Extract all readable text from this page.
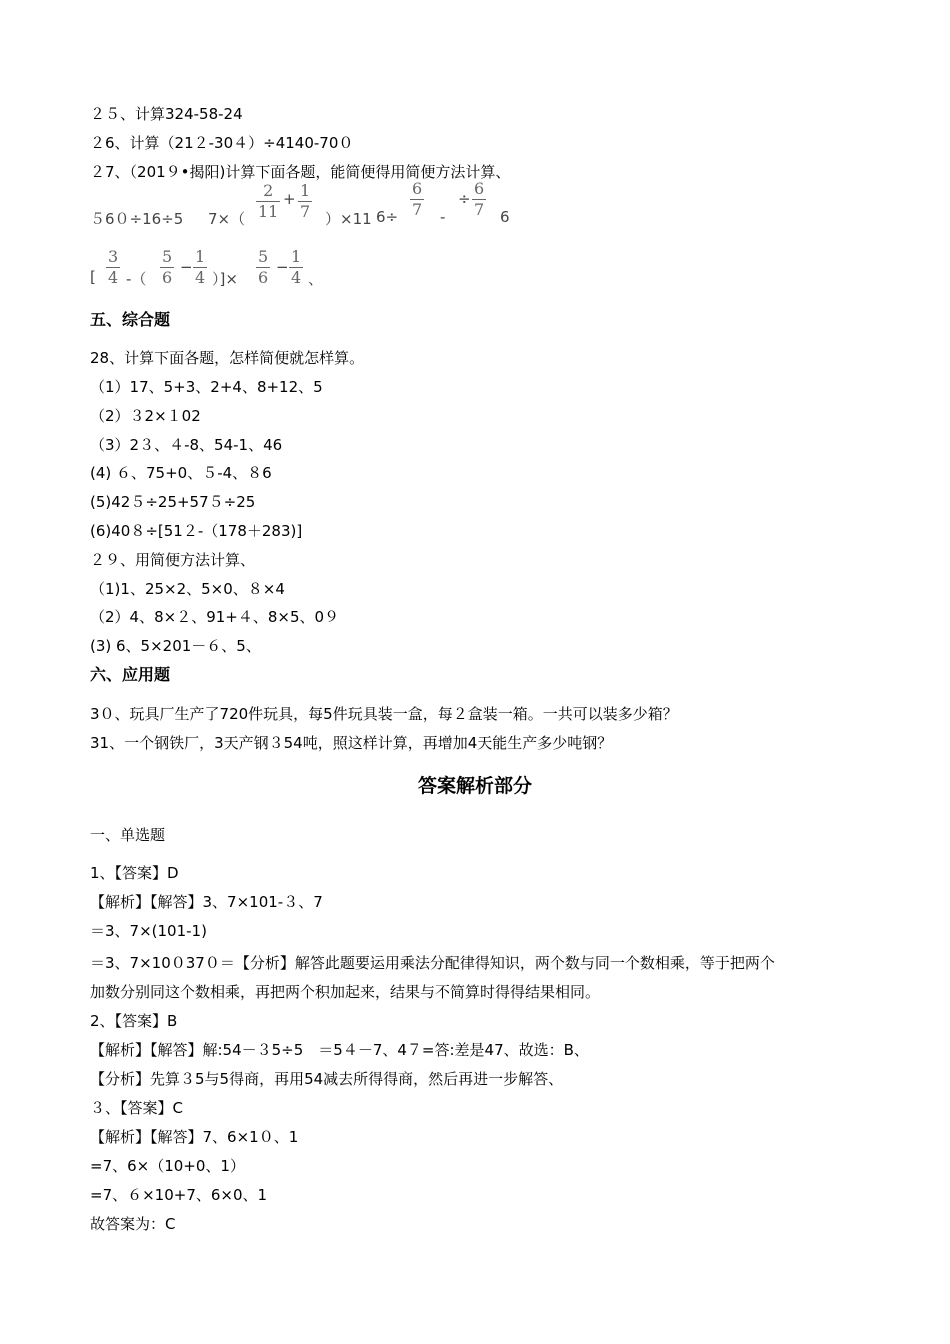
２５、计算324-58-24
２6、计算（21２-30４）÷4140-70０
２7、（201９•揭阳)计算下面各题，能简便得用简便方法计算、
５6０÷16÷5 7×（
2
11
+ 1
7 ）×11 6÷
6
7 -
÷
6
7 6
[
3
4 -（
5
6
−
1
4 ）]×
5
6
−
1
4 、
五、综合题
28、计算下面各题，怎样简便就怎样算。
（1）17、5+3、2+4、8+12、5
（2）３2×１02
（3）2３、４-8、54-1、46
(4) ６、75+0、５-4、８6
(5)42５÷25+57５÷25
(6)40８÷[51２-（178＋283)]
２９、用简便方法计算、
（1)1、25×2、5×0、８×4
（2）4、8×２、91+４、8×5、0９
(3) 6、5×201－６、5、
六、应用题
3０、玩具厂生产了720件玩具，每5件玩具装一盒，每２盒装一箱。一共可以装多少箱？
31、一个钢铁厂，3天产钢３54吨，照这样计算，再增加4天能生产多少吨钢？
答案解析部分
一、单选题
1、【答案】D
【解析】【解答】3、7×101-３、7
＝3、7×(101-1)
＝3、7×10０37０＝【分析】解答此题要运用乘法分配律得知识，两个数与同一个数相乘，等于把两个
加数分别同这个数相乘，再把两个积加起来，结果与不简算时得得结果相同。
2、【答案】B
【解析】【解答】解:54－３5÷5　＝5４－7、4７=答:差是47、故选：B、
【分析】先算３5与5得商，再用54减去所得得商，然后再进一步解答、
３、【答案】C
【解析】【解答】7、6×1０、1
=7、6×（10+0、1）
=7、６×10+7、6×0、1
故答案为：C
